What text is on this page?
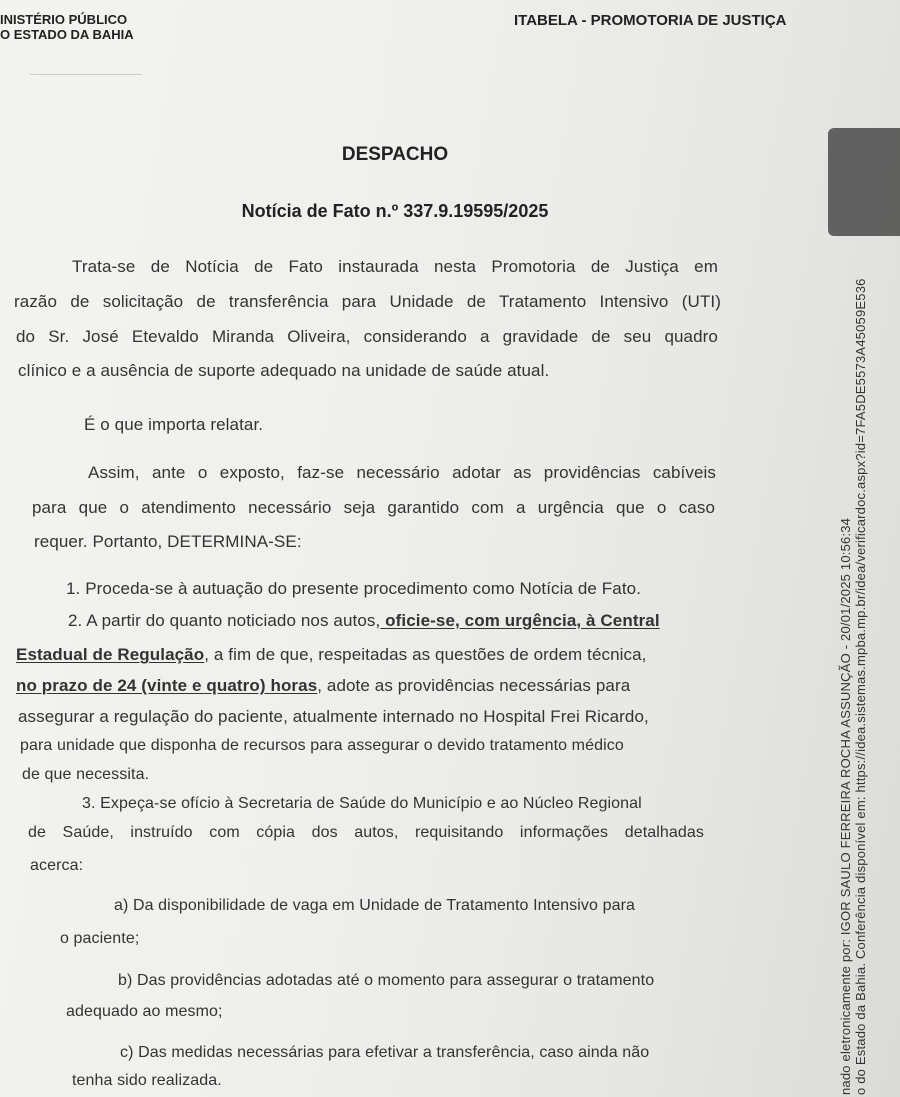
INISTÉRIO PÚBLICO
O ESTADO DA BAHIA
ITABELA - PROMOTORIA DE JUSTIÇA
DESPACHO
Notícia de Fato n.º 337.9.19595/2025
Trata-se de Notícia de Fato instaurada nesta Promotoria de Justiça em
razão de solicitação de transferência para Unidade de Tratamento Intensivo (UTI)
do Sr. José Etevaldo Miranda Oliveira, considerando a gravidade de seu quadro
clínico e a ausência de suporte adequado na unidade de saúde atual.
É o que importa relatar.
Assim, ante o exposto, faz-se necessário adotar as providências cabíveis
para que o atendimento necessário seja garantido com a urgência que o caso
requer. Portanto, DETERMINA-SE:
1. Proceda-se à autuação do presente procedimento como Notícia de Fato.
2. A partir do quanto noticiado nos autos, oficie-se, com urgência, à Central
Estadual de Regulação, a fim de que, respeitadas as questões de ordem técnica,
no prazo de 24 (vinte e quatro) horas, adote as providências necessárias para
assegurar a regulação do paciente, atualmente internado no Hospital Frei Ricardo,
para unidade que disponha de recursos para assegurar o devido tratamento médico
de que necessita.
3. Expeça-se ofício à Secretaria de Saúde do Município e ao Núcleo Regional
de Saúde, instruído com cópia dos autos, requisitando informações detalhadas
acerca:
a) Da disponibilidade de vaga em Unidade de Tratamento Intensivo para
o paciente;
b) Das providências adotadas até o momento para assegurar o tratamento
adequado ao mesmo;
c) Das medidas necessárias para efetivar a transferência, caso ainda não
tenha sido realizada.	nado eletronicamente por: IGOR SAULO FERREIRA ROCHA ASSUNÇÃO - 20/01/2025 10:56:34 o do Estado da Bahia. Conferência disponível em: https://idea.sistemas.mpba.mp.br/idea/verificardoc.aspx?id=7FA5DE5573A45059E536
